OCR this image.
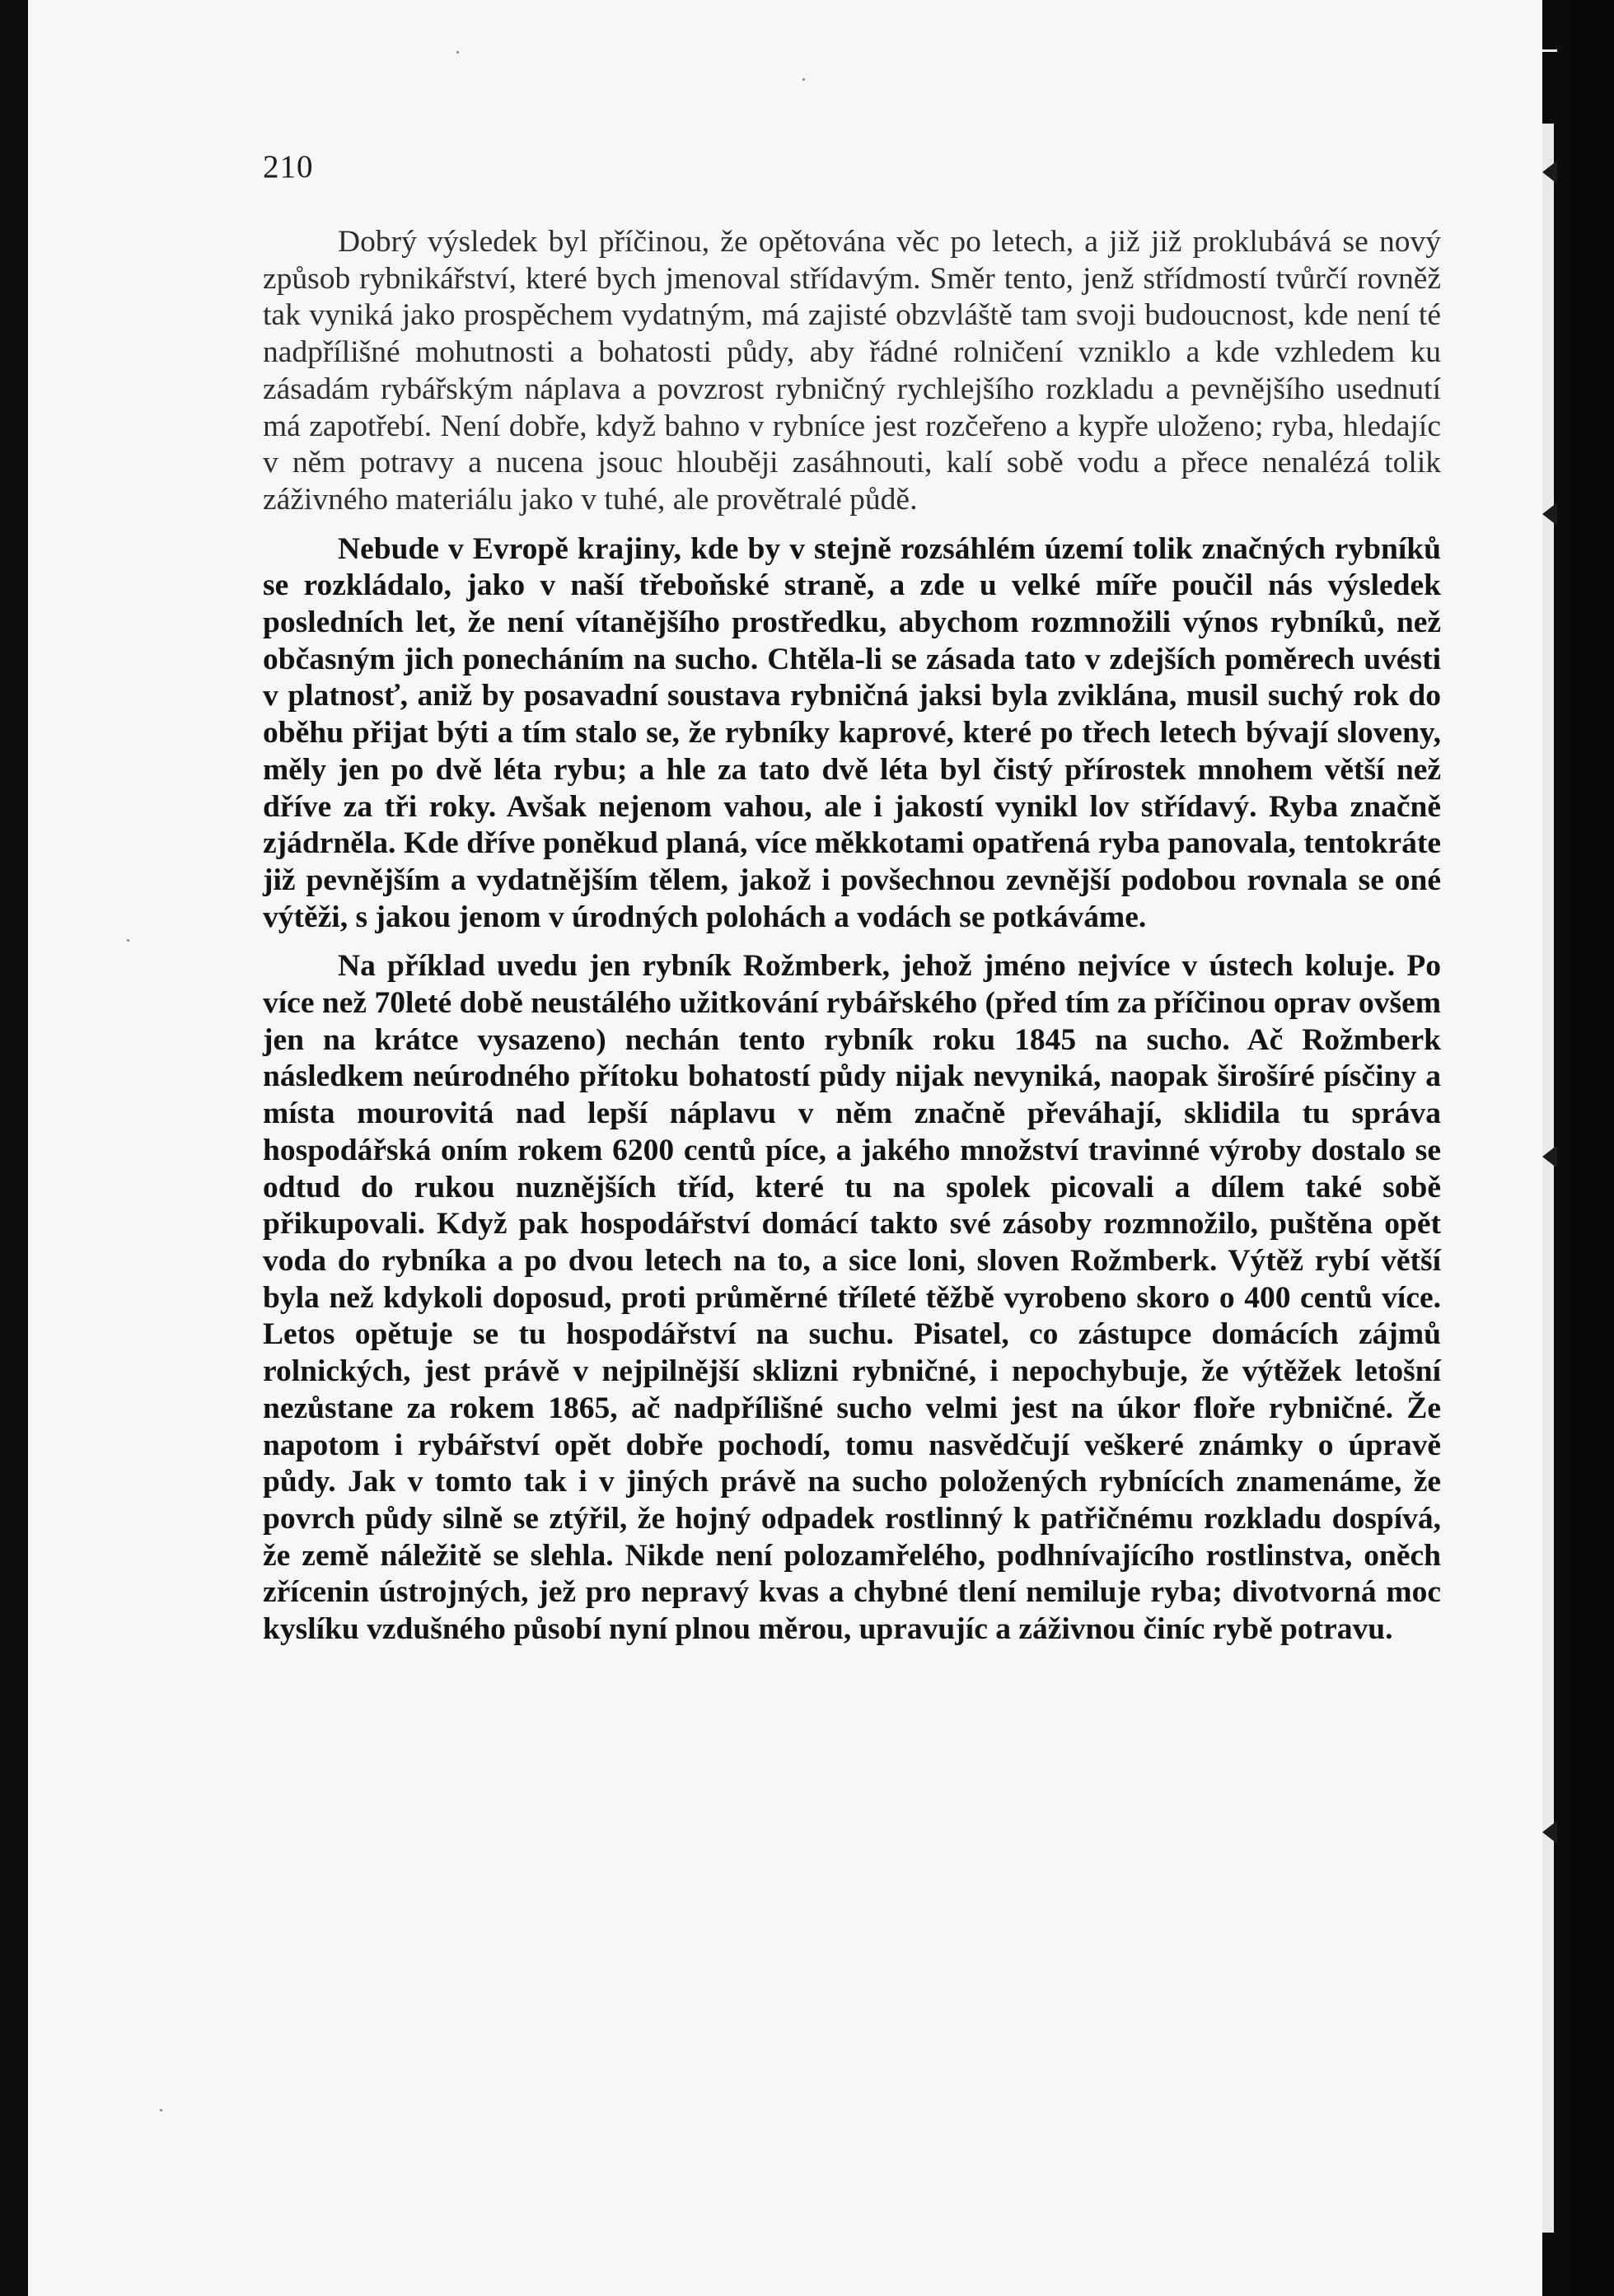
210

Dobrý výsledek byl příčinou, že opětována věc po letech, a již již proklubává se nový způsob rybnikářství, které bych jmenoval střídavým. Směr tento, jenž střídmostí tvůrčí rovněž tak vyniká jako prospěchem vydatným, má zajisté obzvláště tam svoji budoucnost, kde není té nadpřílišné mohutnosti a bohatosti půdy, aby řádné rolničení vzniklo a kde vzhledem ku zásadám rybářským náplava a povzrost rybničný rychlejšího rozkladu a pevnějšího usednutí má zapotřebí. Není dobře, když bahno v rybníce jest rozčeřeno a kypře uloženo; ryba, hledajíc v něm potravy a nucena jsouc hlouběji zasáhnouti, kalí sobě vodu a přece nenalézá tolik záživného materiálu jako v tuhé, ale provětralé půdě.

Nebude v Evropě krajiny, kde by v stejně rozsáhlém území tolik značných rybníků se rozkládalo, jako v naší třeboňské straně, a zde u velké míře poučil nás výsledek posledních let, že není vítanějšího prostředku, abychom rozmnožili výnos rybníků, než občasným jich ponecháním na sucho. Chtěla-li se zásada tato v zdejších poměrech uvésti v platnosť, aniž by posavadní soustava rybničná jaksi byla zviklána, musil suchý rok do oběhu přijat býti a tím stalo se, že rybníky kaprové, které po třech letech bývají sloveny, měly jen po dvě léta rybu; a hle za tato dvě léta byl čistý přírostek mnohem větší než dříve za tři roky. Avšak nejenom vahou, ale i jakostí vynikl lov střídavý. Ryba značně zjádrněla. Kde dříve poněkud planá, více měkkotami opatřená ryba panovala, tentokráte již pevnějším a vydatnějším tělem, jakož i povšechnou zevnější podobou rovnala se oné výtěži, s jakou jenom v úrodných polohách a vodách se potkáváme.

Na příklad uvedu jen rybník Rožmberk, jehož jméno nejvíce v ústech koluje. Po více než 70leté době neustálého užitkování rybářského (před tím za příčinou oprav ovšem jen na krátce vysazeno) nechán tento rybník roku 1845 na sucho. Ač Rožmberk následkem neúrodného přítoku bohatostí půdy nijak nevyniká, naopak širošíré písčiny a místa mourovitá nad lepší náplavu v něm značně převáhají, sklidila tu správa hospodářská oním rokem 6200 centů píce, a jakého množství travinné výroby dostalo se odtud do rukou nuznějších tříd, které tu na spolek picovali a dílem také sobě přikupovali. Když pak hospodářství domácí takto své zásoby rozmnožilo, puštěna opět voda do rybníka a po dvou letech na to, a sice loni, sloven Rožmberk. Výtěž rybí větší byla než kdykoli doposud, proti průměrné tříleté těžbě vyrobeno skoro o 400 centů více. Letos opětuje se tu hospodářství na suchu. Pisatel, co zástupce domácích zájmů rolnických, jest právě v nejpilnější sklizni rybničné, i nepochybuje, že výtěžek letošní nezůstane za rokem 1865, ač nadpřílišné sucho velmi jest na úkor floře rybničné. Že napotom i rybářství opět dobře pochodí, tomu nasvědčují veškeré známky o úpravě půdy. Jak v tomto tak i v jiných právě na sucho položených rybnících znamenáme, že povrch půdy silně se ztýřil, že hojný odpadek rostlinný k patřičnému rozkladu dospívá, že země náležitě se slehla. Nikde není polozamřelého, podhnívajícího rostlinstva, oněch zřícenin ústrojných, jež pro nepravý kvas a chybné tlení nemiluje ryba; divotvorná moc kyslíku vzdušného působí nyní plnou měrou, upravujíc a záživnou činíc rybě potravu.
